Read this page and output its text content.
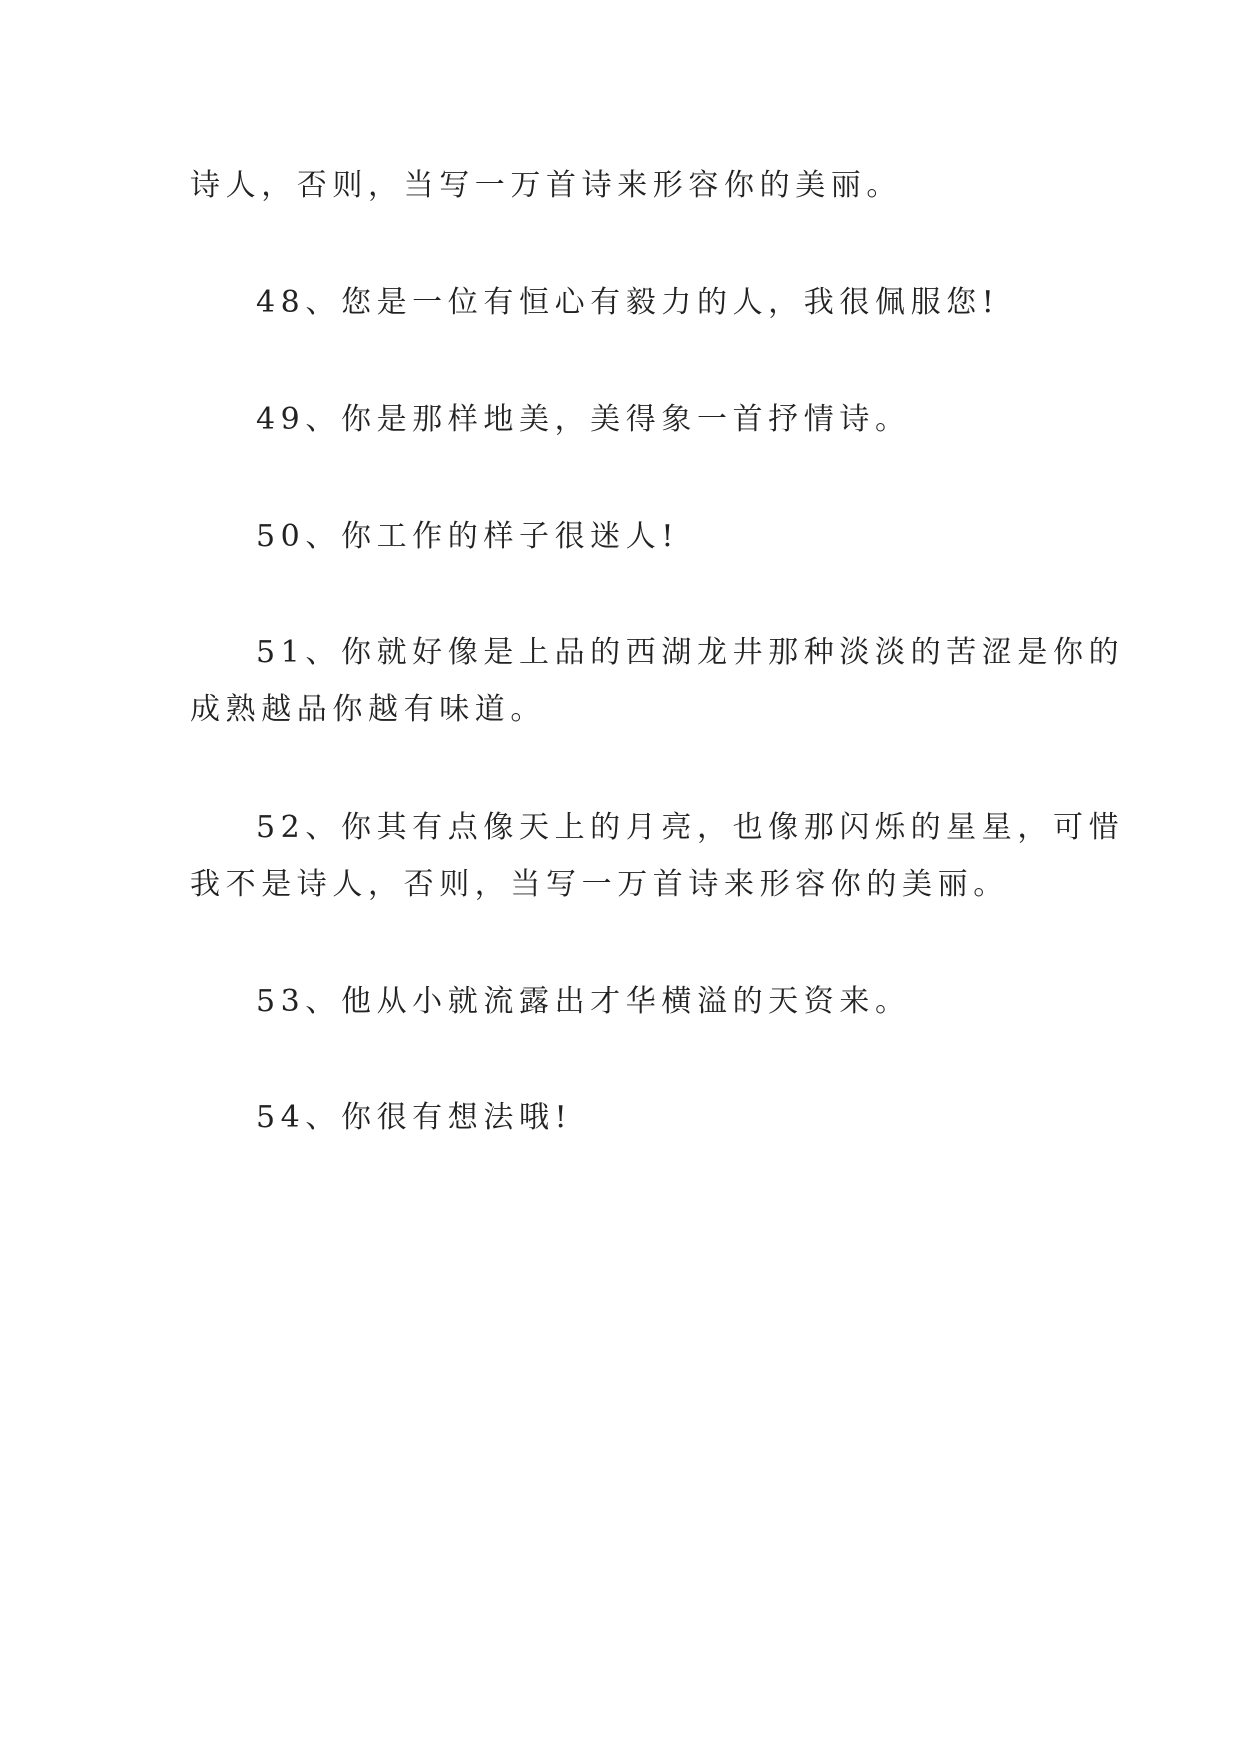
诗人，否则，当写一万首诗来形容你的美丽。
48、您是一位有恒心有毅力的人，我很佩服您!
49、你是那样地美，美得象一首抒情诗。
50、你工作的样子很迷人!
51、你就好像是上品的西湖龙井那种淡淡的苦涩是你的
成熟越品你越有味道。
52、你其有点像天上的月亮，也像那闪烁的星星，可惜
我不是诗人，否则，当写一万首诗来形容你的美丽。
53、他从小就流露出才华横溢的天资来。
54、你很有想法哦!
